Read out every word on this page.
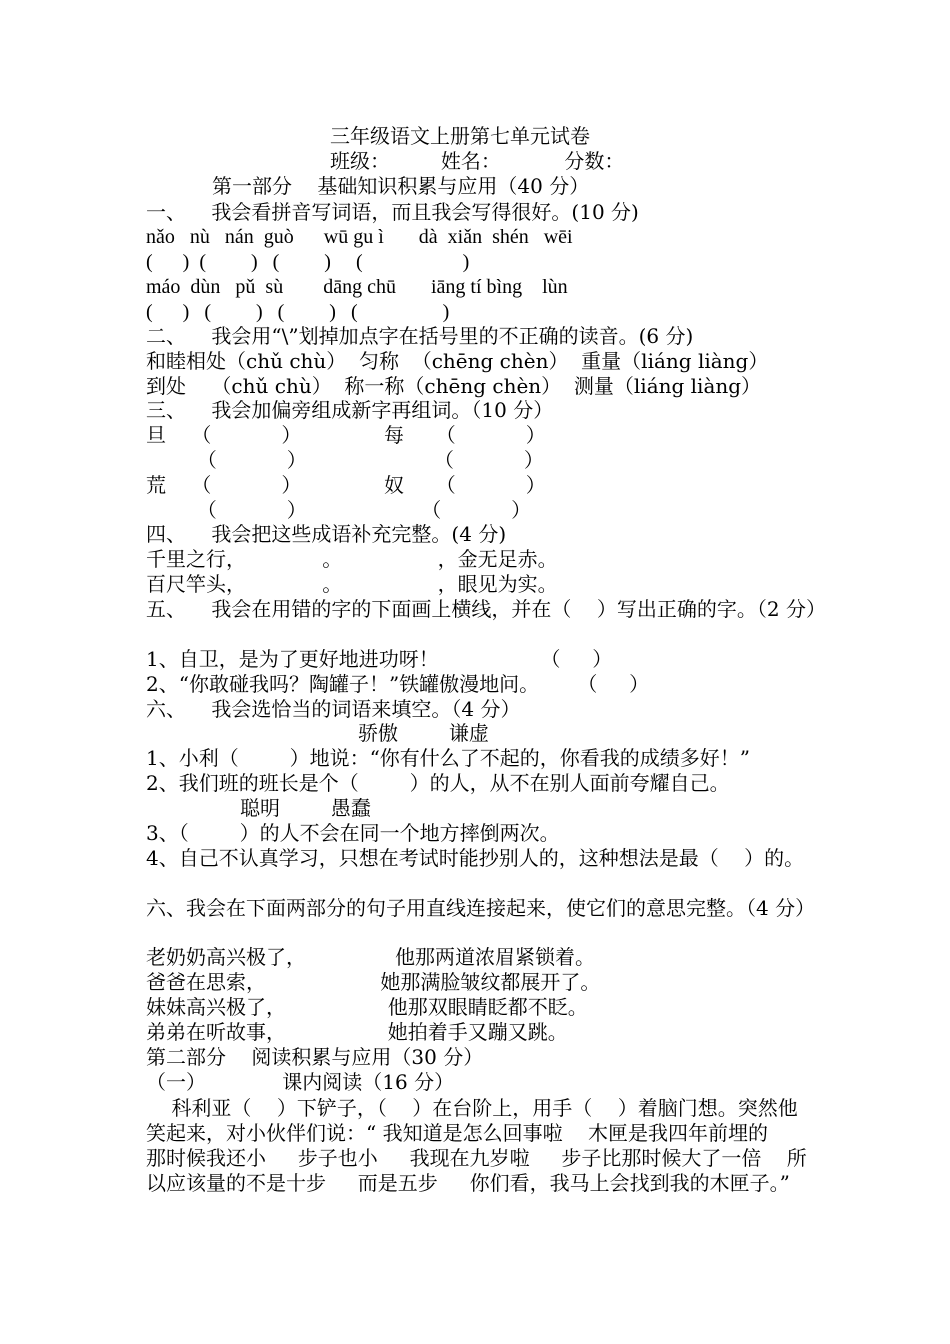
三年级语文上册第七单元试卷
班级：        姓名：          分数：
第一部分    基础知识积累与应用（40 分）
一、    我会看拼音写词语，而且我会写得很好。(10 分)
nǎo   nù   nán  guò      wū gu ì       dà  xiǎn  shén   wēi
(      )  (         )   (         )     (                    )
máo  dùn   pǔ  sù        dāng chū       iāng tí bìng    lùn
(      )   (         )   (         )   (                 )
二、    我会用“\”划掉加点字在括号里的不正确的读音。(6 分)
和睦相处（chǔ chù）  匀称  （chēng chèn）  重量（liáng liàng）
到处    （chǔ chù）  称一称（chēng chèn）  测量（liáng liàng）
三、    我会加偏旁组成新字再组词。（10 分）
旦    （           ）             每     （           ）
（           ）                    （           ）
荒    （           ）             奴     （           ）
（           ）                  （           ）
四、    我会把这些成语补充完整。(4 分)
千里之行，            。               ，金无足赤。
百尺竿头，            。               ，眼见为实。
五、    我会在用错的字的下面画上横线，并在（    ）写出正确的字。（2 分）
1、自卫，是为了更好地进功呀！                （     ）
2、“你敢碰我吗？陶罐子！”铁罐傲漫地问。      （     ）
六、    我会选恰当的词语来填空。（4 分）
骄傲        谦虚
1、小利（        ）地说：“你有什么了不起的，你看我的成绩多好！”
2、我们班的班长是个（        ）的人，从不在别人面前夸耀自己。
聪明        愚蠢
3、（        ）的人不会在同一个地方摔倒两次。
4、自己不认真学习，只想在考试时能抄别人的，这种想法是最（    ）的。
六、我会在下面两部分的句子用直线连接起来，使它们的意思完整。（4 分）
老奶奶高兴极了，              他那两道浓眉紧锁着。
爸爸在思索，                  她那满脸皱纹都展开了。
妹妹高兴极了，                他那双眼睛眨都不眨。
弟弟在听故事，                她拍着手又蹦又跳。
第二部分    阅读积累与应用（30 分）
（一）            课内阅读（16 分）
科利亚（    ）下铲子，（    ）在台阶上，用手（    ）着脑门想。突然他笑起来，对小伙伴们说：“ 我知道是怎么回事啦    木匣是我四年前埋的    那时候我还小     步子也小     我现在九岁啦     步子比那时候大了一倍    所以应该量的不是十步     而是五步     你们看，我马上会找到我的木匣子。”
